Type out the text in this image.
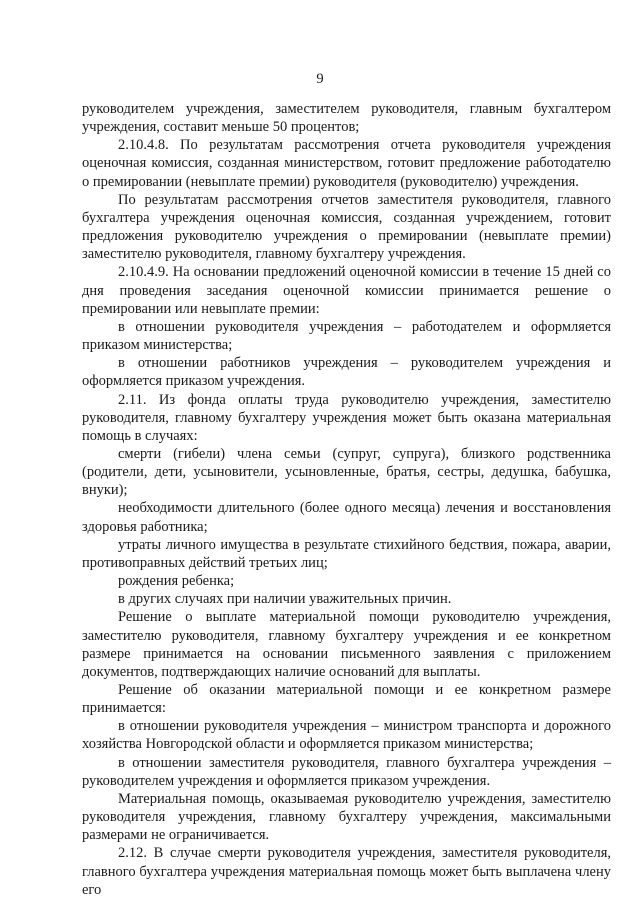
9

руководителем учреждения, заместителем руководителя, главным бухгалтером учреждения, составит меньше 50 процентов;

2.10.4.8. По результатам рассмотрения отчета руководителя учреждения оценочная комиссия, созданная министерством, готовит предложение работодателю о премировании (невыплате премии) руководителя (руководителю) учреждения.

По результатам рассмотрения отчетов заместителя руководителя, главного бухгалтера учреждения оценочная комиссия, созданная учреждением, готовит предложения руководителю учреждения о премировании (невыплате премии) заместителю руководителя, главному бухгалтеру учреждения.

2.10.4.9. На основании предложений оценочной комиссии в течение 15 дней со дня проведения заседания оценочной комиссии принимается решение о премировании или невыплате премии:

в отношении руководителя учреждения – работодателем и оформляется приказом министерства;

в отношении работников учреждения – руководителем учреждения и оформляется приказом учреждения.

2.11. Из фонда оплаты труда руководителю учреждения, заместителю руководителя, главному бухгалтеру учреждения может быть оказана материальная помощь в случаях:

смерти (гибели) члена семьи (супруг, супруга), близкого родственника (родители, дети, усыновители, усыновленные, братья, сестры, дедушка, бабушка, внуки);

необходимости длительного (более одного месяца) лечения и восстановления здоровья работника;

утраты личного имущества в результате стихийного бедствия, пожара, аварии, противоправных действий третьих лиц;

рождения ребенка;

в других случаях при наличии уважительных причин.

Решение о выплате материальной помощи руководителю учреждения, заместителю руководителя, главному бухгалтеру учреждения и ее конкретном размере принимается на основании письменного заявления с приложением документов, подтверждающих наличие оснований для выплаты.

Решение об оказании материальной помощи и ее конкретном размере принимается:

в отношении руководителя учреждения – министром транспорта и дорожного хозяйства Новгородской области и оформляется приказом министерства;

в отношении заместителя руководителя, главного бухгалтера учреждения – руководителем учреждения и оформляется приказом учреждения.

Материальная помощь, оказываемая руководителю учреждения, заместителю руководителя учреждения, главному бухгалтеру учреждения, максимальными размерами не ограничивается.

2.12. В случае смерти руководителя учреждения, заместителя руководителя, главного бухгалтера учреждения материальная помощь может быть выплачена члену его
